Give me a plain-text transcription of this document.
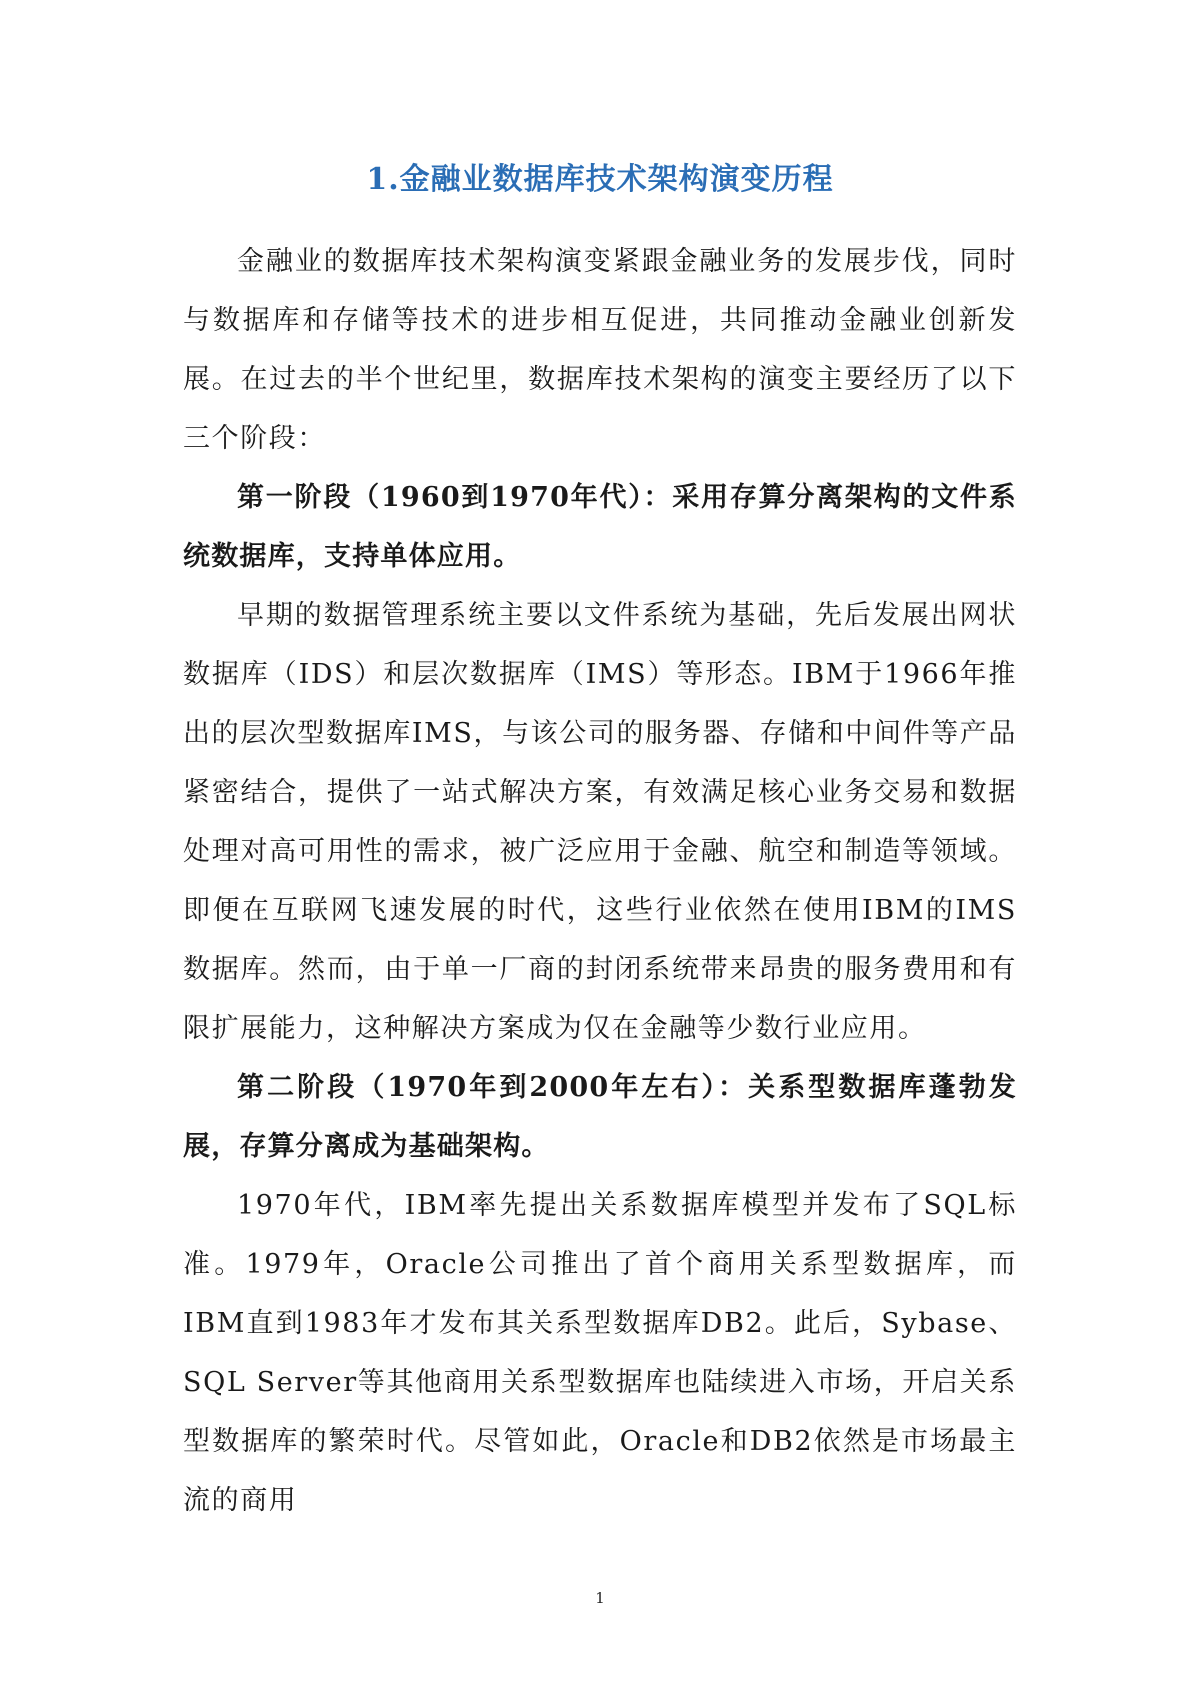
1.金融业数据库技术架构演变历程

金融业的数据库技术架构演变紧跟金融业务的发展步伐，同时与数据库和存储等技术的进步相互促进，共同推动金融业创新发展。在过去的半个世纪里，数据库技术架构的演变主要经历了以下三个阶段：

第一阶段（1960到1970年代）：采用存算分离架构的文件系统数据库，支持单体应用。

早期的数据管理系统主要以文件系统为基础，先后发展出网状数据库（IDS）和层次数据库（IMS）等形态。IBM于1966年推出的层次型数据库IMS，与该公司的服务器、存储和中间件等产品紧密结合，提供了一站式解决方案，有效满足核心业务交易和数据处理对高可用性的需求，被广泛应用于金融、航空和制造等领域。即便在互联网飞速发展的时代，这些行业依然在使用IBM的IMS数据库。然而，由于单一厂商的封闭系统带来昂贵的服务费用和有限扩展能力，这种解决方案成为仅在金融等少数行业应用。

第二阶段（1970年到2000年左右）：关系型数据库蓬勃发展，存算分离成为基础架构。

1970年代，IBM率先提出关系数据库模型并发布了SQL标准。1979年，Oracle公司推出了首个商用关系型数据库，而IBM直到1983年才发布其关系型数据库DB2。此后，Sybase、SQL Server等其他商用关系型数据库也陆续进入市场，开启关系型数据库的繁荣时代。尽管如此，Oracle和DB2依然是市场最主流的商用

1
